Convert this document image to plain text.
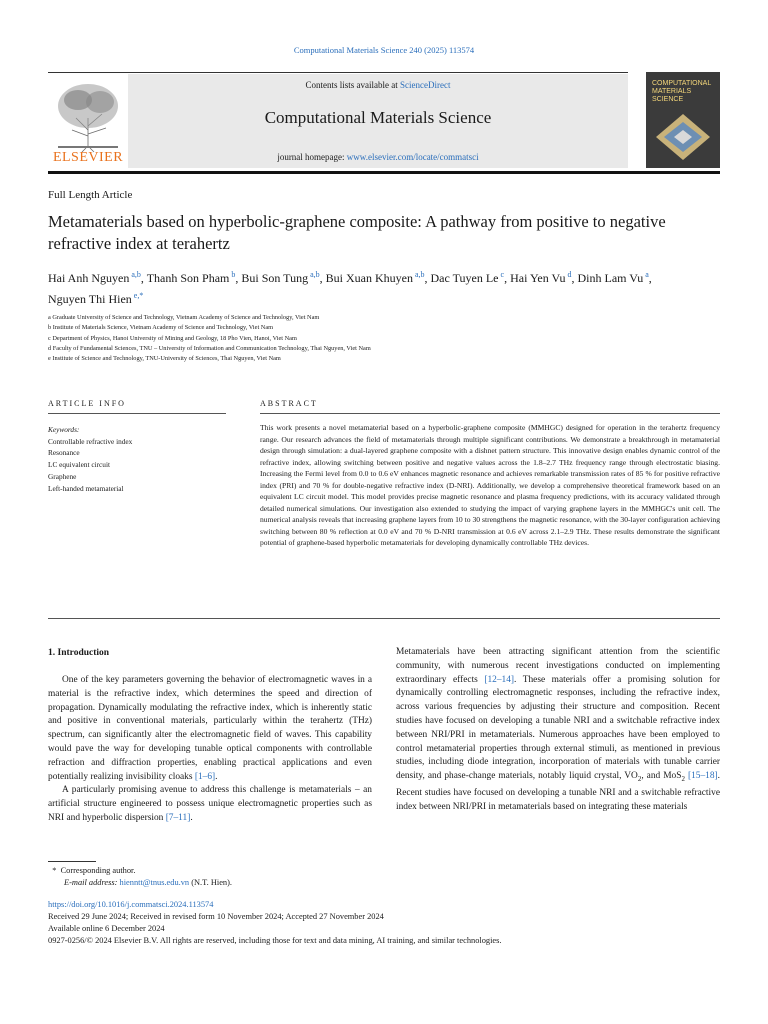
Computational Materials Science 240 (2025) 113574
ELSEVIER
Contents lists available at ScienceDirect
Computational Materials Science
journal homepage: www.elsevier.com/locate/commatsci
COMPUTATIONAL MATERIALS SCIENCE
Full Length Article
Metamaterials based on hyperbolic-graphene composite: A pathway from positive to negative refractive index at terahertz
Hai Anh Nguyen $^{a,b}$, Thanh Son Pham $^b$, Bui Son Tung $^{a,b}$, Bui Xuan Khuyen $^{a,b}$, Dac Tuyen Le $^c$, Hai Yen Vu $^d$, Dinh Lam Vu $^a$, Nguyen Thi Hien $^{e,*}$
a Graduate University of Science and Technology, Vietnam Academy of Science and Technology, Viet Nam
b Institute of Materials Science, Vietnam Academy of Science and Technology, Viet Nam
c Department of Physics, Hanoi University of Mining and Geology, 18 Pho Vien, Hanoi, Viet Nam
d Faculty of Fundamental Sciences, TNU – University of Information and Communication Technology, Thai Nguyen, Viet Nam
e Institute of Science and Technology, TNU-University of Sciences, Thai Nguyen, Viet Nam
ARTICLE INFO	ABSTRACT
Keywords:
Controllable refractive index
Resonance
LC equivalent circuit
Graphene
Left-handed metamaterial
This work presents a novel metamaterial based on a hyperbolic-graphene composite (MMHGC) designed for operation in the terahertz frequency range. Our research advances the field of metamaterials through multiple significant contributions. We demonstrate a breakthrough in metamaterial design through simulation: a dual-layered graphene composite with a dishnet pattern structure. This innovative design enables dynamic control of the refractive index, allowing switching between positive and negative values across the 1.8–2.7 THz frequency range through electrostatic biasing. Increasing the Fermi level from 0.0 to 0.6 eV enhances magnetic resonance and achieves remarkable transmission rates of 85 % for positive refractive index (PRI) and 70 % for double-negative refractive index (D-NRI). Additionally, we develop a comprehensive theoretical framework based on an equivalent LC circuit model. This model provides precise magnetic resonance and plasma frequency predictions, with its accuracy validated through detailed numerical simulations. Our investigation also extended to studying the impact of varying graphene layers in the MMHGC's unit cell. The numerical analysis reveals that increasing graphene layers from 10 to 30 strengthens the magnetic resonance, with the 30-layer configuration achieving switching between 80 % reflection at 0.0 eV and 70 % D-NRI transmission at 0.6 eV across 2.1–2.9 THz. These results demonstrate the significant potential of graphene-based hyperbolic metamaterials for developing dynamically controllable THz devices.
1. Introduction

One of the key parameters governing the behavior of electromagnetic waves in a material is the refractive index, which determines the speed and direction of propagation. Dynamically modulating the refractive index, which is inherently static and positive in conventional materials, particularly within the terahertz (THz) spectrum, can significantly alter the electromagnetic field of waves. This capability would pave the way for developing tunable optical components with controllable refraction and diffraction properties, enabling practical applications and even potentially realizing invisibility cloaks [1–6].

A particularly promising avenue to address this challenge is metamaterials – an artificial structure engineered to possess unique electromagnetic properties such as NRI and hyperbolic dispersion [7–11].

Metamaterials have been attracting significant attention from the scientific community, with numerous recent investigations conducted on implementing extraordinary effects [12–14]. These materials offer a promising solution for dynamically controlling electromagnetic responses, including the refractive index, across various frequencies by adjusting their structure and composition. Recent studies have focused on developing a tunable NRI and a switchable refractive index between NRI/PRI in metamaterials. Numerous approaches have been employed to control metamaterial properties through external stimuli, as mentioned in previous studies, including diode integration, incorporation of materials with tunable carrier density, and phase-change materials, notably liquid crystal, $VO_2$, and MoS$_2$ [15–18]. Recent studies have focused on developing a tunable NRI and a switchable refractive index between NRI/PRI in metamaterials based on integrating these materials

*  Corresponding author.
E-mail address: hienntt@tnus.edu.vn (N.T. Hien).
https://doi.org/10.1016/j.commatsci.2024.113574
Received 29 June 2024; Received in revised form 10 November 2024; Accepted 27 November 2024
Available online 6 December 2024
0927-0256/© 2024 Elsevier B.V. All rights are reserved, including those for text and data mining, AI training, and similar technologies.
